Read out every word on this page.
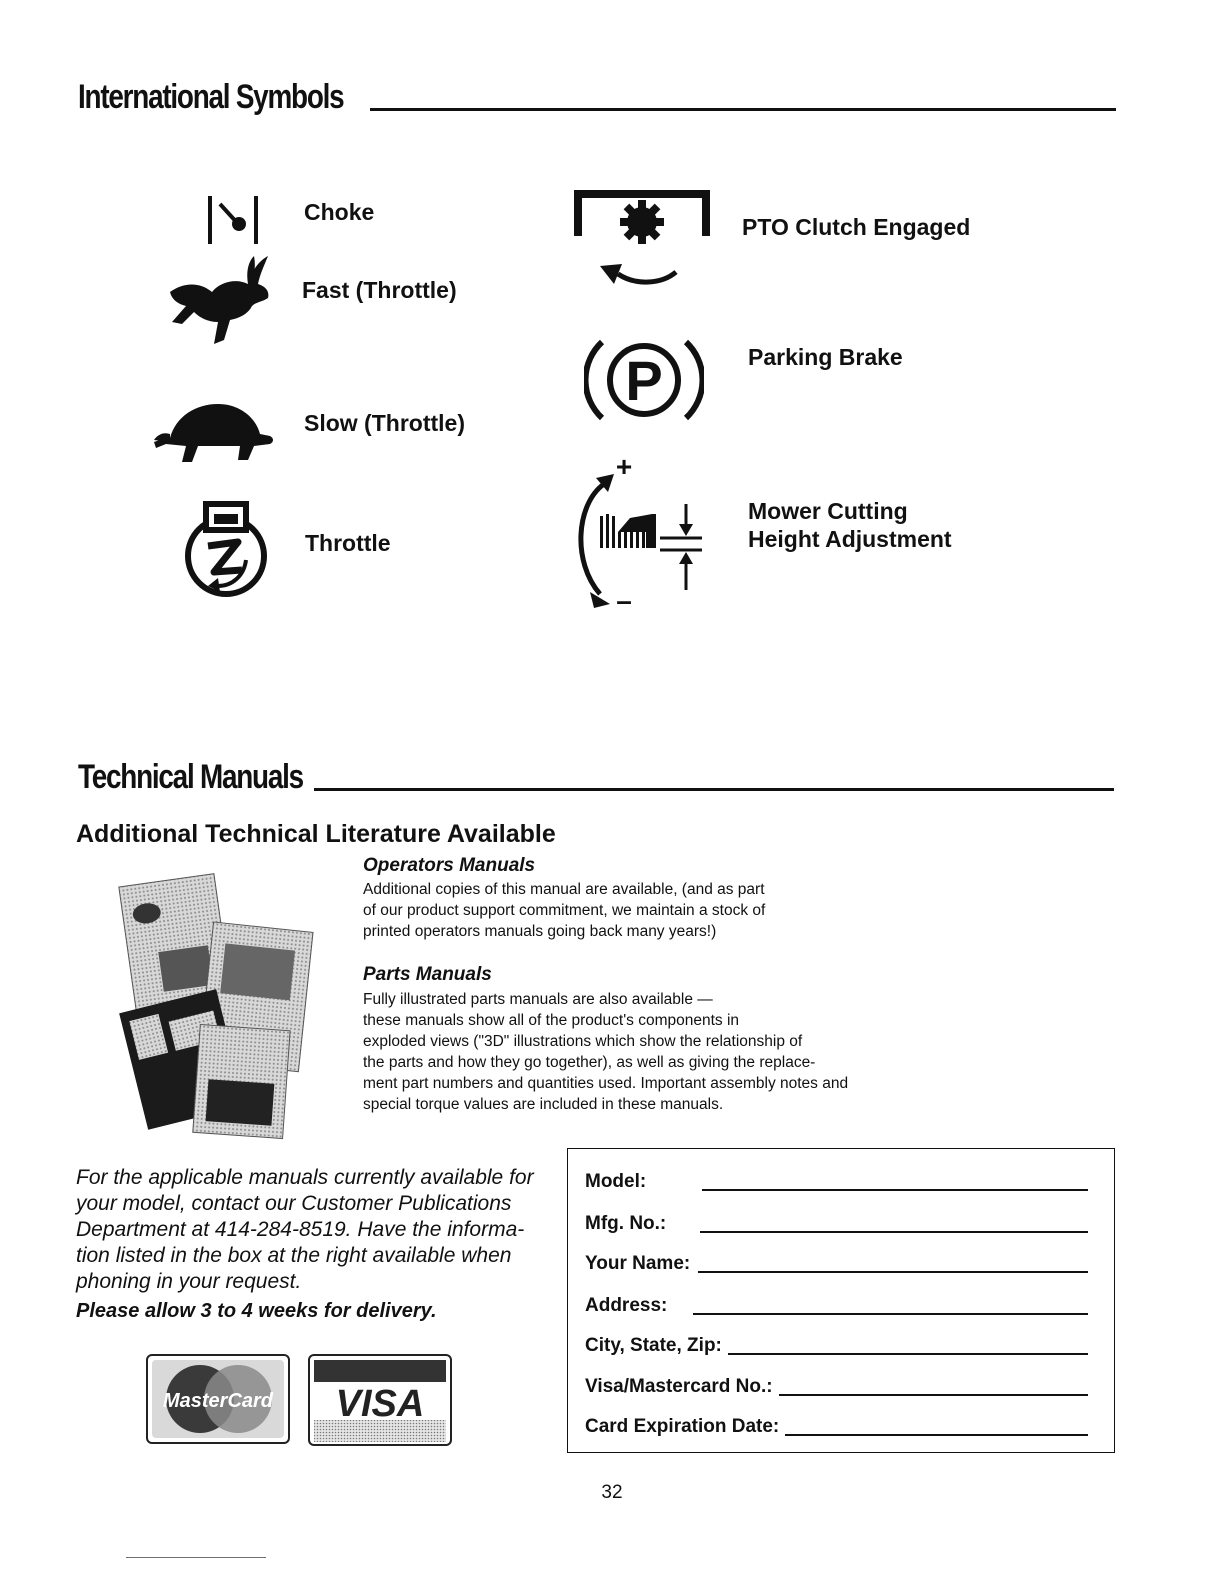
International Symbols
Choke
Fast (Throttle)
Slow (Throttle)
Throttle
PTO Clutch Engaged
P	Parking Brake
+
–
Mower Cutting
Height Adjustment
Technical Manuals
Additional Technical Literature Available
Operators Manuals
Additional copies of this manual are available, (and as part
of our product support commitment, we maintain a stock of
printed operators manuals going back many years!)
Parts Manuals
Fully illustrated parts manuals are also available —
these manuals show all of the product's components in
exploded views ("3D" illustrations which show the relationship of
the parts and how they go together), as well as giving the replace-
ment part numbers and quantities used. Important assembly notes and
special torque values are included in these manuals.
For the applicable manuals currently available for
your model, contact our Customer Publications
Department at 414-284-8519. Have the informa-
tion listed in the box at the right available when
phoning in your request.
Please allow 3 to 4 weeks for delivery.
MasterCard VISA
Model:
Mfg. No.:
Your Name:
Address:
City, State, Zip:
Visa/Mastercard No.:
Card Expiration Date:
32
